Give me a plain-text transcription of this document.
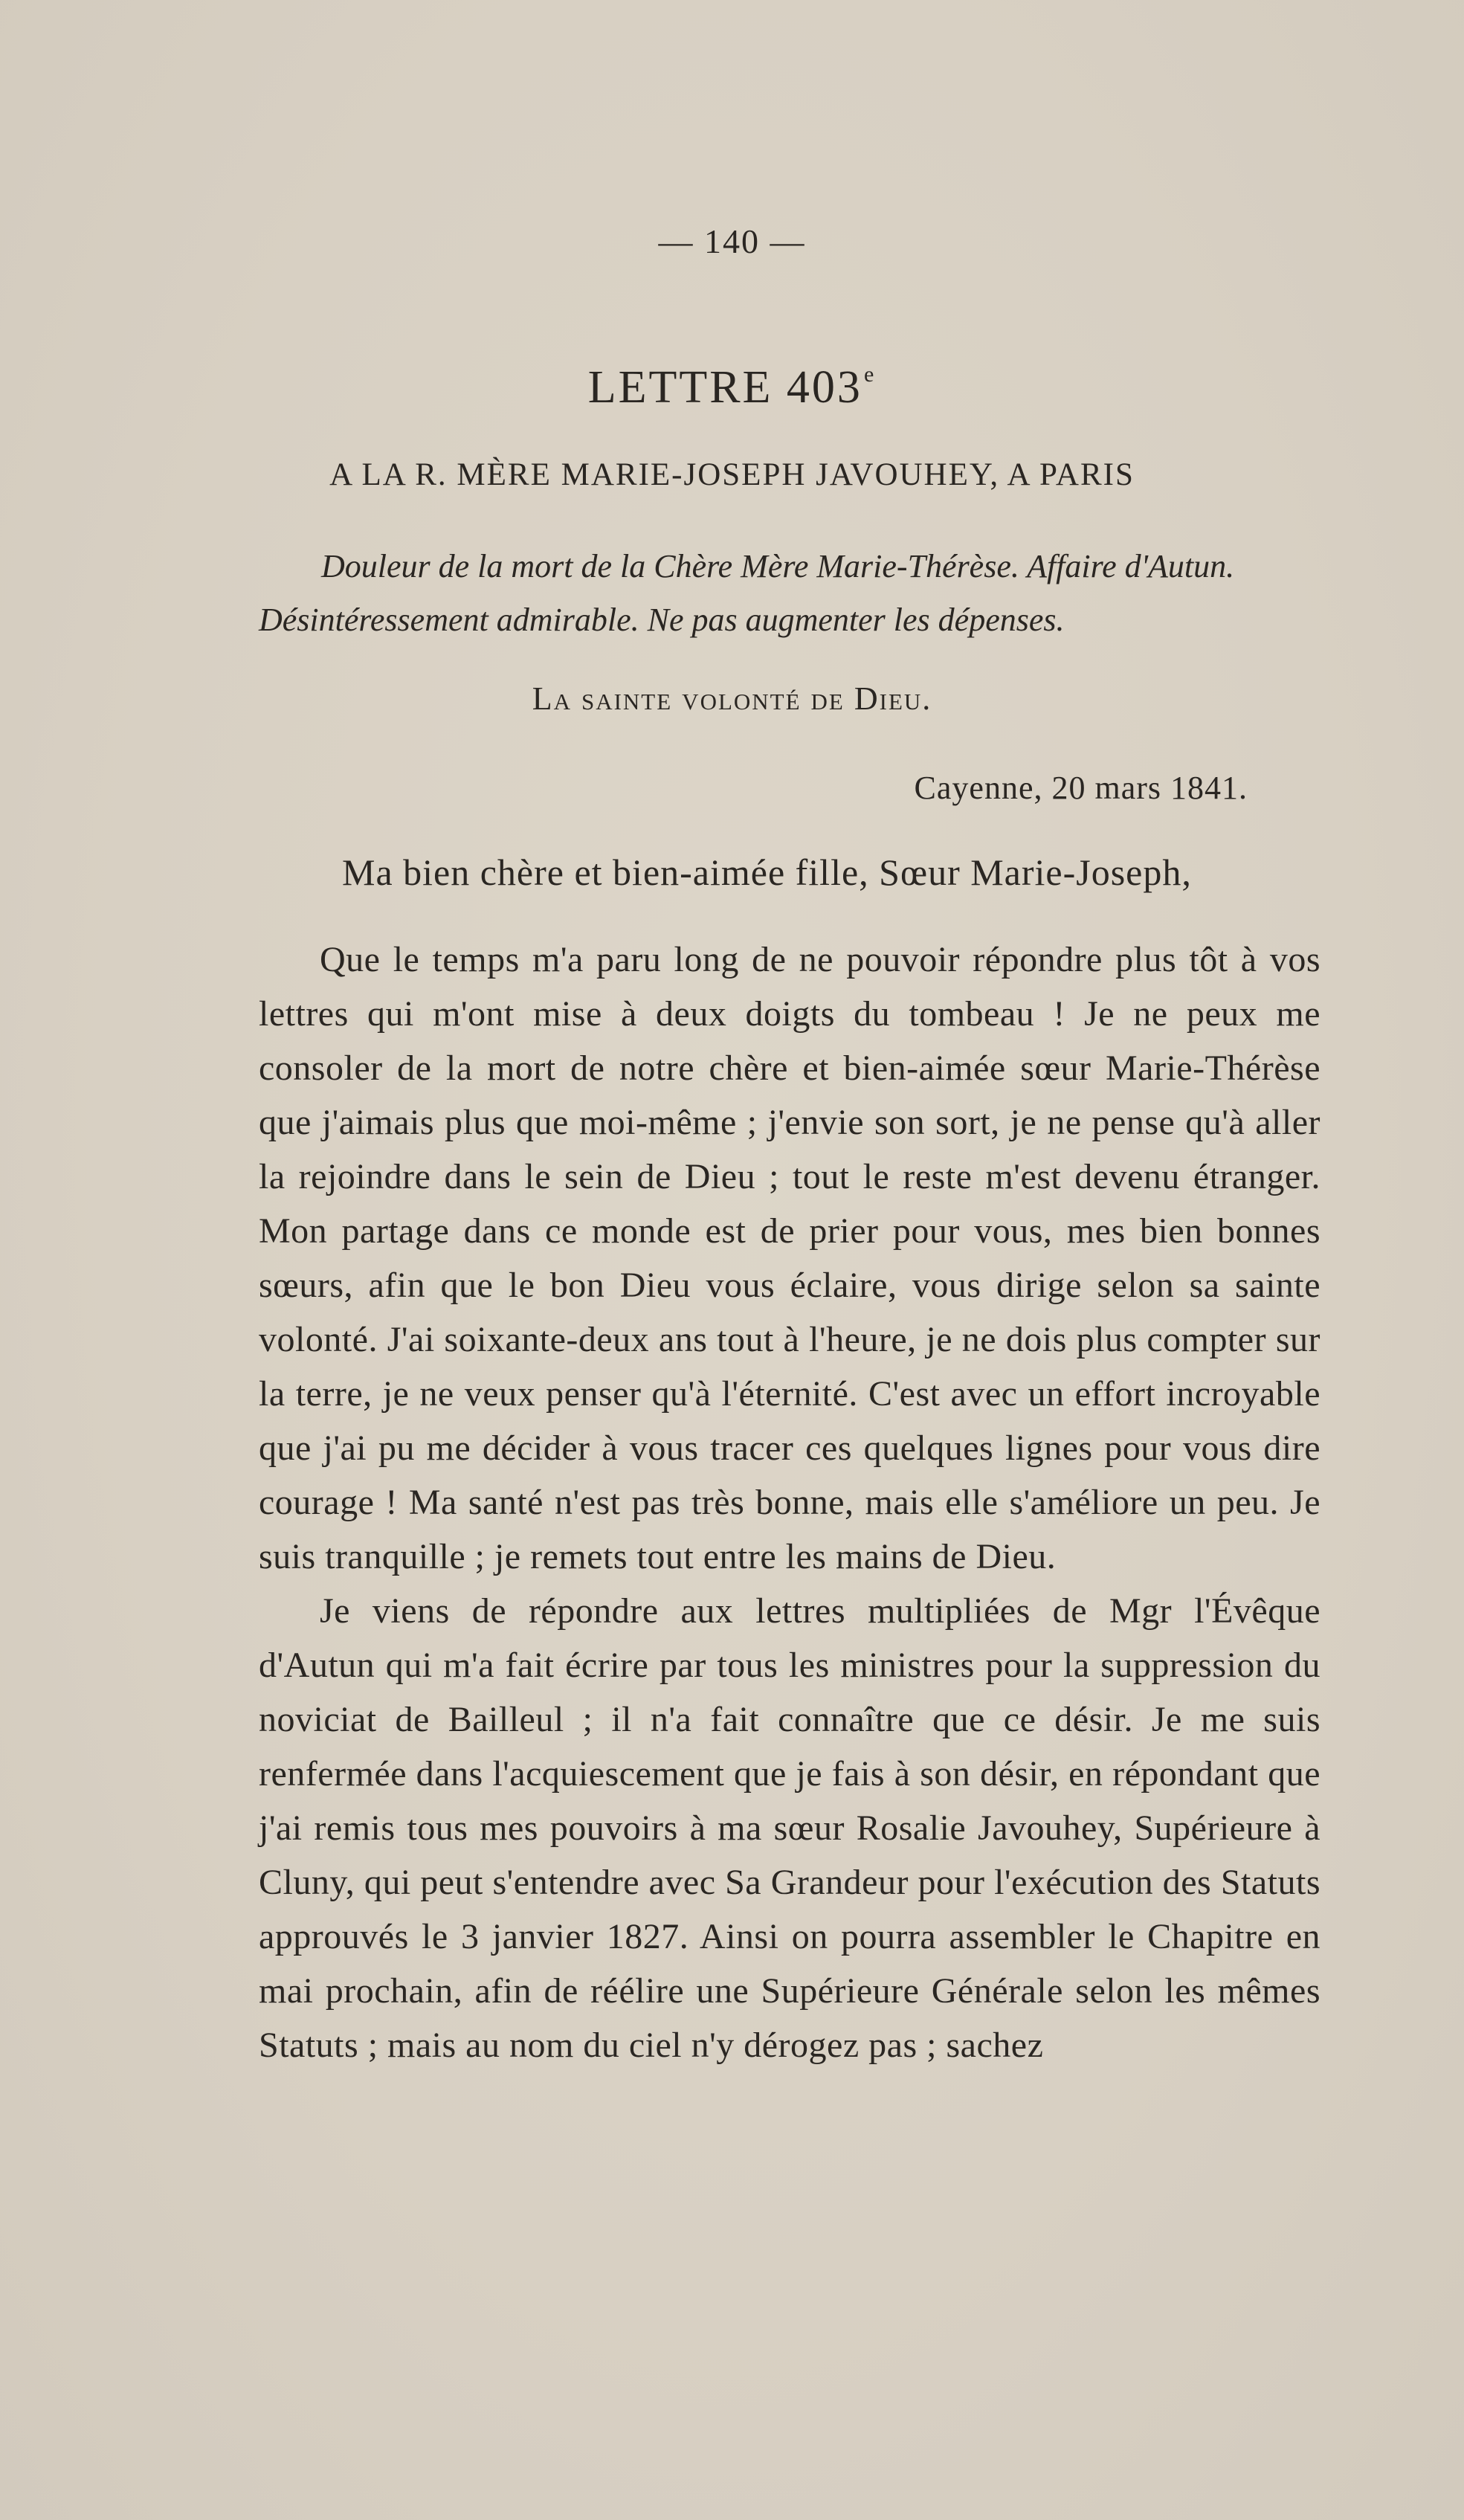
— 140 —
LETTRE 403e
A LA R. MÈRE MARIE-JOSEPH JAVOUHEY, A PARIS
Douleur de la mort de la Chère Mère Marie-Thérèse. Affaire d'Autun.
Désintéressement admirable. Ne pas augmenter les dépenses.
La sainte volonté de Dieu.
Cayenne, 20 mars 1841.
Ma bien chère et bien-aimée fille, Sœur Marie-Joseph,

Que le temps m'a paru long de ne pouvoir répondre plus tôt à vos lettres qui m'ont mise à deux doigts du tombeau ! Je ne peux me consoler de la mort de notre chère et bien-aimée sœur Marie-Thérèse que j'aimais plus que moi-même ; j'envie son sort, je ne pense qu'à aller la rejoindre dans le sein de Dieu ; tout le reste m'est devenu étranger. Mon partage dans ce monde est de prier pour vous, mes bien bonnes sœurs, afin que le bon Dieu vous éclaire, vous dirige selon sa sainte volonté. J'ai soixante-deux ans tout à l'heure, je ne dois plus compter sur la terre, je ne veux penser qu'à l'éternité. C'est avec un effort incroyable que j'ai pu me décider à vous tracer ces quelques lignes pour vous dire courage ! Ma santé n'est pas très bonne, mais elle s'améliore un peu. Je suis tranquille ; je remets tout entre les mains de Dieu.

Je viens de répondre aux lettres multipliées de Mgr l'Évêque d'Autun qui m'a fait écrire par tous les ministres pour la suppression du noviciat de Bailleul ; il n'a fait connaître que ce désir. Je me suis renfermée dans l'acquiescement que je fais à son désir, en répondant que j'ai remis tous mes pouvoirs à ma sœur Rosalie Javouhey, Supérieure à Cluny, qui peut s'entendre avec Sa Grandeur pour l'exécution des Statuts approuvés le 3 janvier 1827. Ainsi on pourra assembler le Chapitre en mai prochain, afin de réélire une Supérieure Générale selon les mêmes Statuts ; mais au nom du ciel n'y dérogez pas ; sachez
